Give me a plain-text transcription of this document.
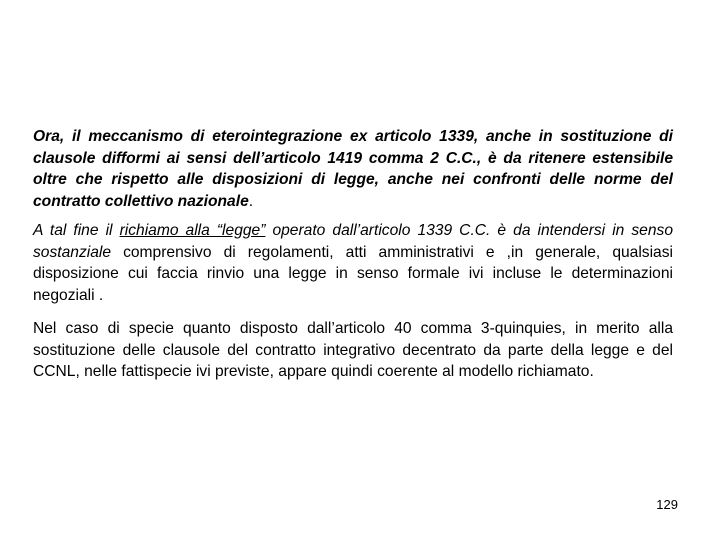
Ora, il meccanismo di eterointegrazione ex articolo 1339, anche in sostituzione di clausole difformi ai sensi dell’articolo 1419 comma 2 C.C., è da ritenere estensibile oltre che rispetto alle disposizioni di legge, anche nei confronti delle norme del contratto collettivo nazionale.

A tal fine il richiamo alla “legge” operato dall’articolo 1339 C.C. è da intendersi in senso sostanziale comprensivo di regolamenti, atti amministrativi e ,in generale, qualsiasi disposizione cui faccia rinvio una legge in senso formale ivi incluse le determinazioni negoziali .

Nel caso di specie quanto disposto dall’articolo 40 comma 3-quinquies, in merito alla sostituzione delle clausole del contratto integrativo decentrato da parte della legge e del CCNL, nelle fattispecie ivi previste, appare quindi coerente al modello richiamato.

129
